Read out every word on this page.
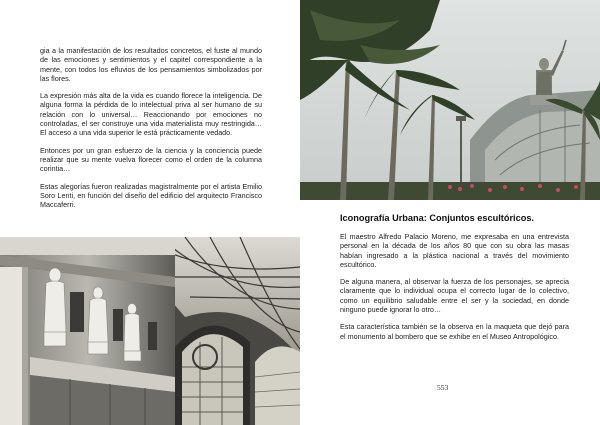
gia a la manifestación de los resultados concretos, el fuste al mundo de las emociones y sentimientos y el capitel correspondiente a la mente, con todos los efluvios de los pensamientos simbolizados por las flores.

La expresión más alta de la vida es cuando florece la inteligencia. De alguna forma la pérdida de lo intelectual priva al ser humano de su relación con lo universal… Reaccionando por emociones no controladas, el ser construye una vida materialista muy restringida…El acceso a una vida superior le está prácticamente vedado.

Entonces por un gran esfuerzo de la ciencia y la conciencia puede realizar que su mente vuelva florecer como el orden de la columna corintia…

Estas alegorías fueron realizadas magistralmente por el artista Emilio Soro Lenti, en función del diseño del edificio del arquitecto Francisco Maccaferri.

Iconografía Urbana: Conjuntos escultóricos.

El maestro Alfredo Palacio Moreno, me expresaba en una entrevista personal en la década de los años 80 que con su obra las masas habían ingresado a la plástica nacional a través del movimiento escultórico.

De alguna manera, al observar la fuerza de los personajes, se aprecia claramente que lo individual ocupa el correcto lugar de lo colectivo, como un equilibrio saludable entre el ser y la sociedad, en donde ninguno puede ignorar lo otro…

Esta característica también se la observa en la maqueta que dejó para el monumento al bombero que se exhibe en el Museo Antropológico.

553
